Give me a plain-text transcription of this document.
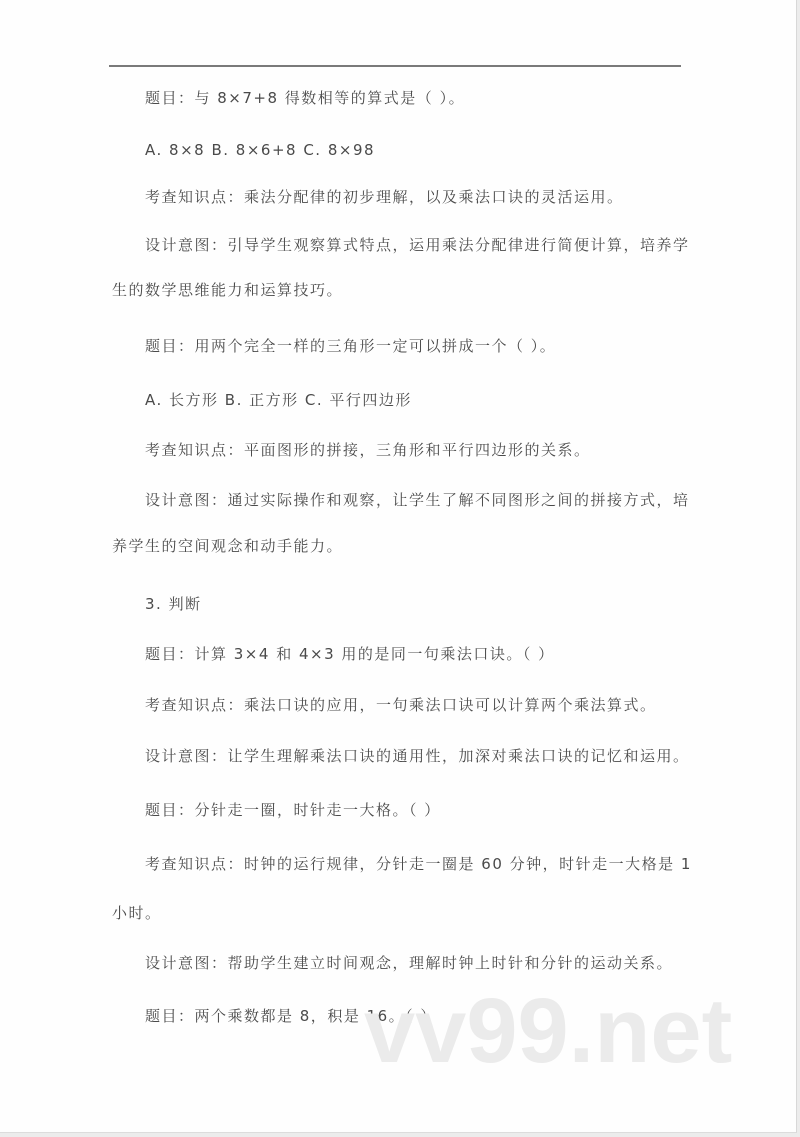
题目：与 8×7+8 得数相等的算式是（ ）。
A. 8×8 B. 8×6+8 C. 8×98
考查知识点：乘法分配律的初步理解，以及乘法口诀的灵活运用。
设计意图：引导学生观察算式特点，运用乘法分配律进行简便计算，培养学
生的数学思维能力和运算技巧。
题目：用两个完全一样的三角形一定可以拼成一个（ ）。
A. 长方形 B. 正方形 C. 平行四边形
考查知识点：平面图形的拼接，三角形和平行四边形的关系。
设计意图：通过实际操作和观察，让学生了解不同图形之间的拼接方式，培
养学生的空间观念和动手能力。
3. 判断
题目：计算 3×4 和 4×3 用的是同一句乘法口诀。（ ）
考查知识点：乘法口诀的应用，一句乘法口诀可以计算两个乘法算式。
设计意图：让学生理解乘法口诀的通用性，加深对乘法口诀的记忆和运用。
题目：分针走一圈，时针走一大格。（ ）
考查知识点：时钟的运行规律，分针走一圈是 60 分钟，时针走一大格是 1
小时。
设计意图：帮助学生建立时间观念，理解时钟上时针和分针的运动关系。
题目：两个乘数都是 8，积是 16。（ ）
vv99.net
